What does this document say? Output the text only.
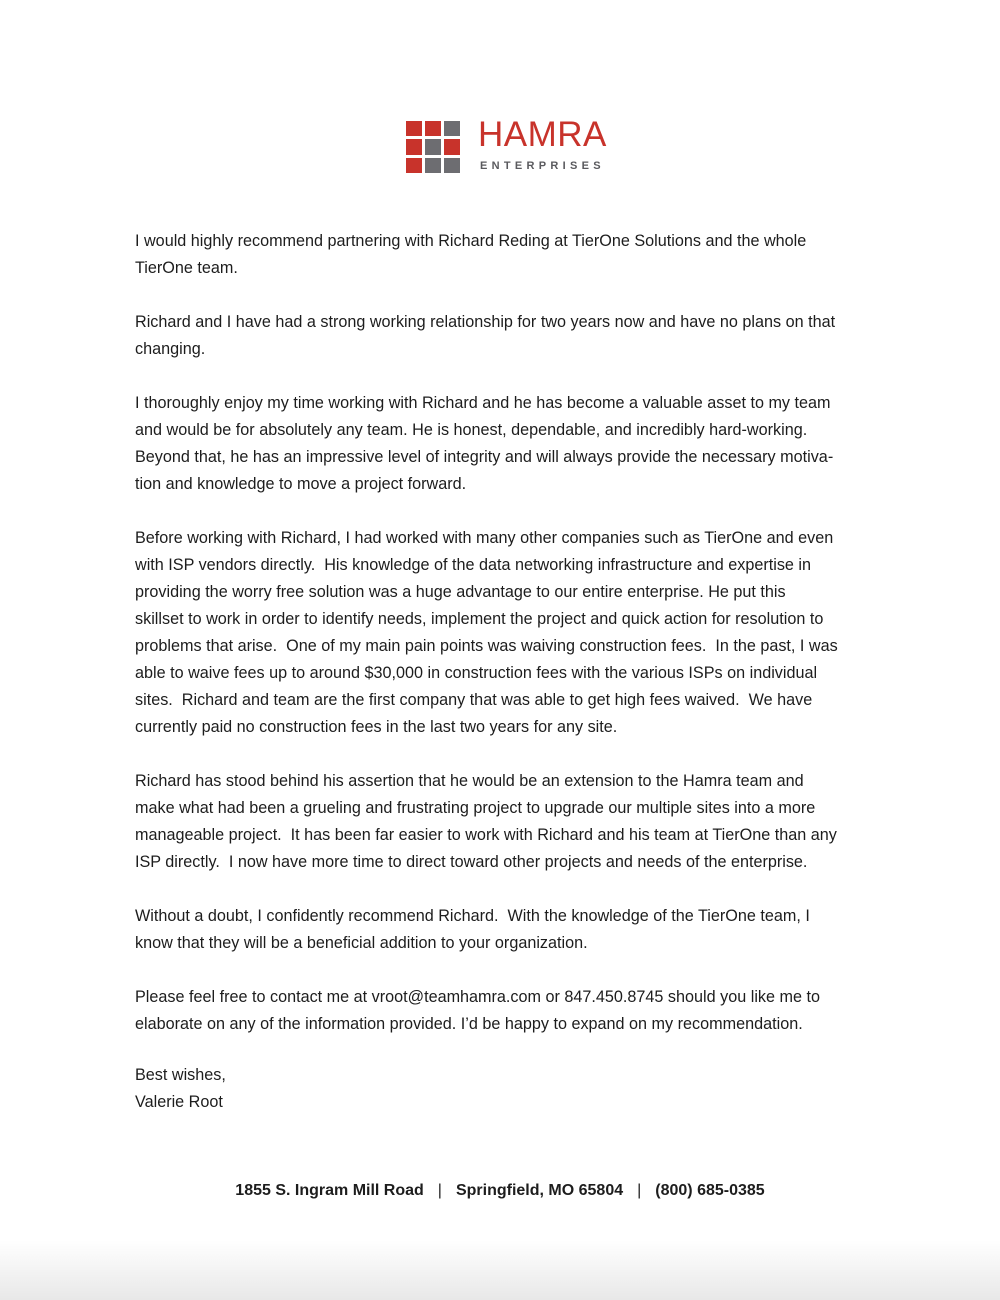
HAMRA
ENTERPRISES

I would highly recommend partnering with Richard Reding at TierOne Solutions and the whole
TierOne team.

Richard and I have had a strong working relationship for two years now and have no plans on that
changing.

I thoroughly enjoy my time working with Richard and he has become a valuable asset to my team
and would be for absolutely any team. He is honest, dependable, and incredibly hard-working.
Beyond that, he has an impressive level of integrity and will always provide the necessary motiva-
tion and knowledge to move a project forward.

Before working with Richard, I had worked with many other companies such as TierOne and even
with ISP vendors directly.  His knowledge of the data networking infrastructure and expertise in
providing the worry free solution was a huge advantage to our entire enterprise. He put this
skillset to work in order to identify needs, implement the project and quick action for resolution to
problems that arise.  One of my main pain points was waiving construction fees.  In the past, I was
able to waive fees up to around $30,000 in construction fees with the various ISPs on individual
sites.  Richard and team are the first company that was able to get high fees waived.  We have
currently paid no construction fees in the last two years for any site.

Richard has stood behind his assertion that he would be an extension to the Hamra team and
make what had been a grueling and frustrating project to upgrade our multiple sites into a more
manageable project.  It has been far easier to work with Richard and his team at TierOne than any
ISP directly.  I now have more time to direct toward other projects and needs of the enterprise.

Without a doubt, I confidently recommend Richard.  With the knowledge of the TierOne team, I
know that they will be a beneficial addition to your organization.

Please feel free to contact me at vroot@teamhamra.com or 847.450.8745 should you like me to
elaborate on any of the information provided. I’d be happy to expand on my recommendation.

Best wishes,
Valerie Root
1855 S. Ingram Mill Road | Springfield, MO 65804 | (800) 685-0385
